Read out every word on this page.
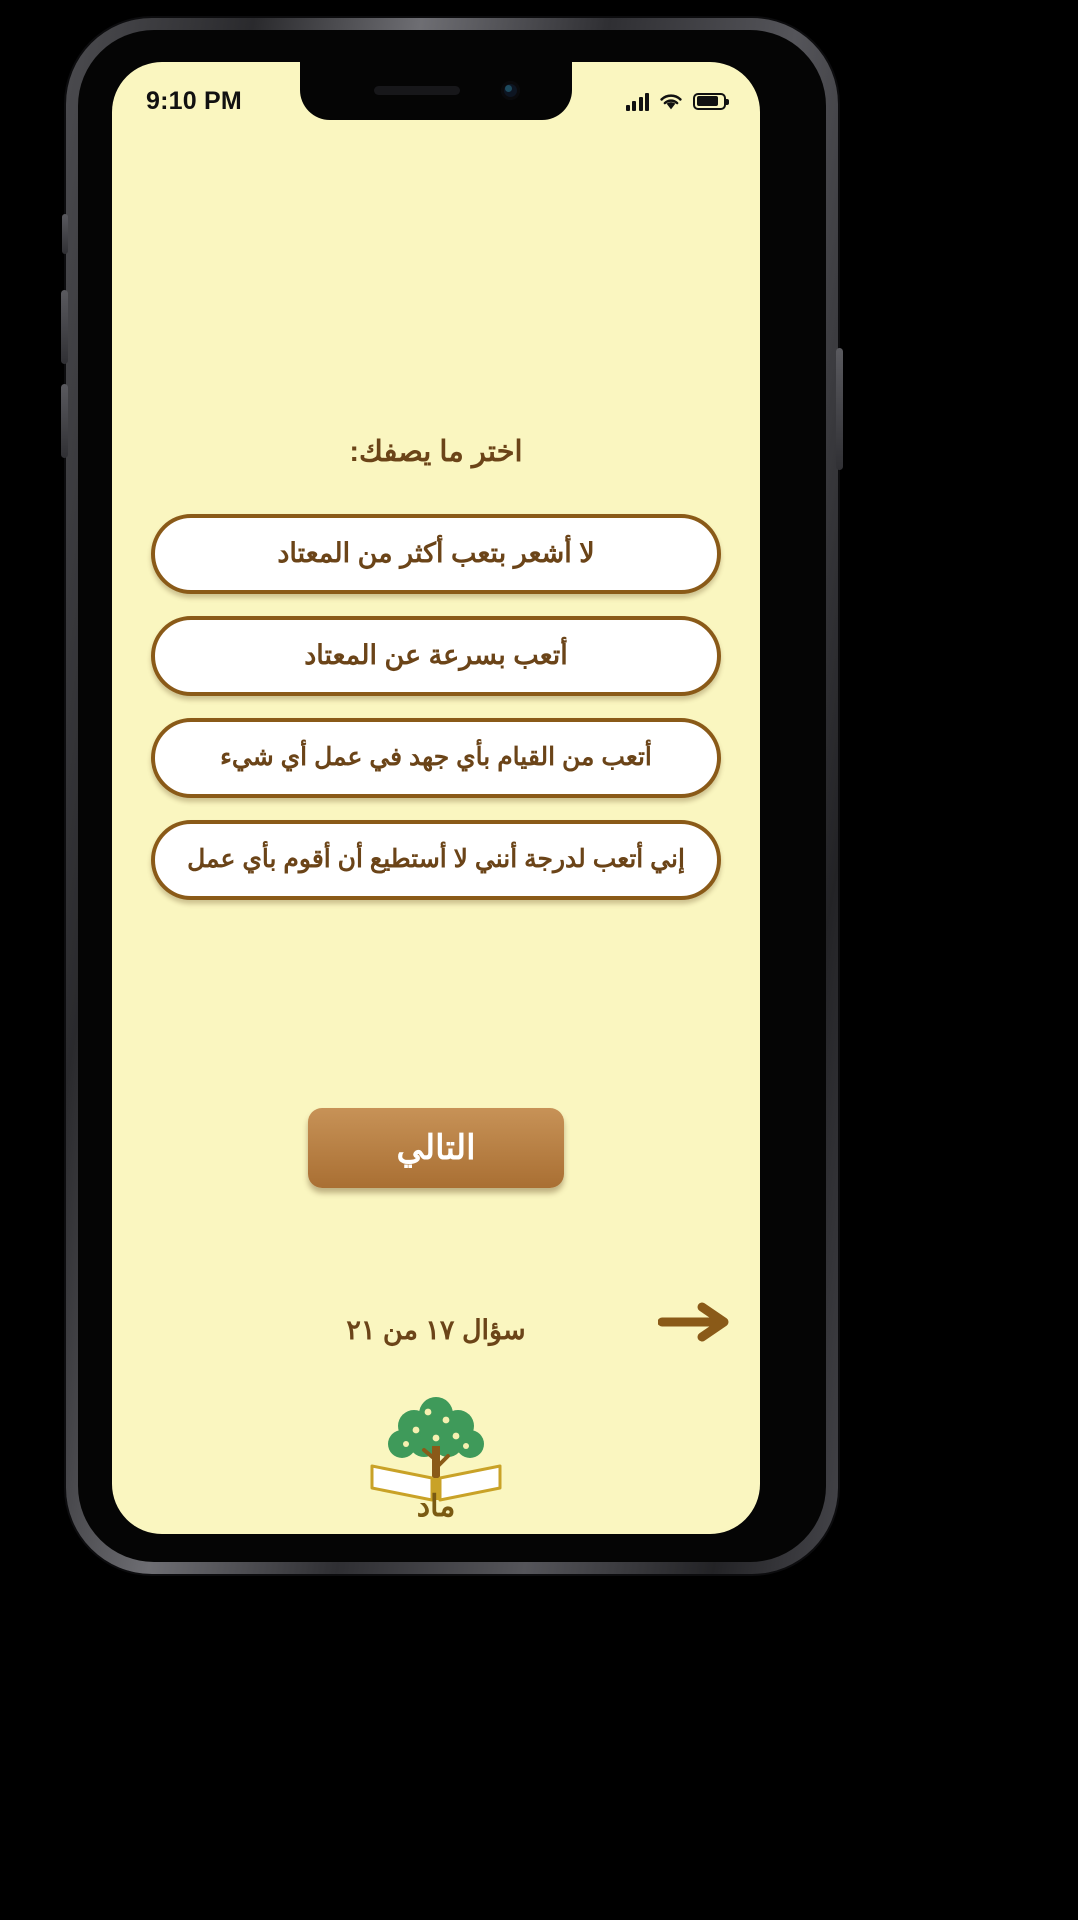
9:10 PM
اختر ما يصفك:
لا أشعر بتعب أكثر من المعتاد
أتعب بسرعة عن المعتاد
أتعب من القيام بأي جهد في عمل أي شيء
إني أتعب لدرجة أنني لا أستطيع أن أقوم بأي عمل
التالي
سؤال ١٧ من ٢١
ماد
